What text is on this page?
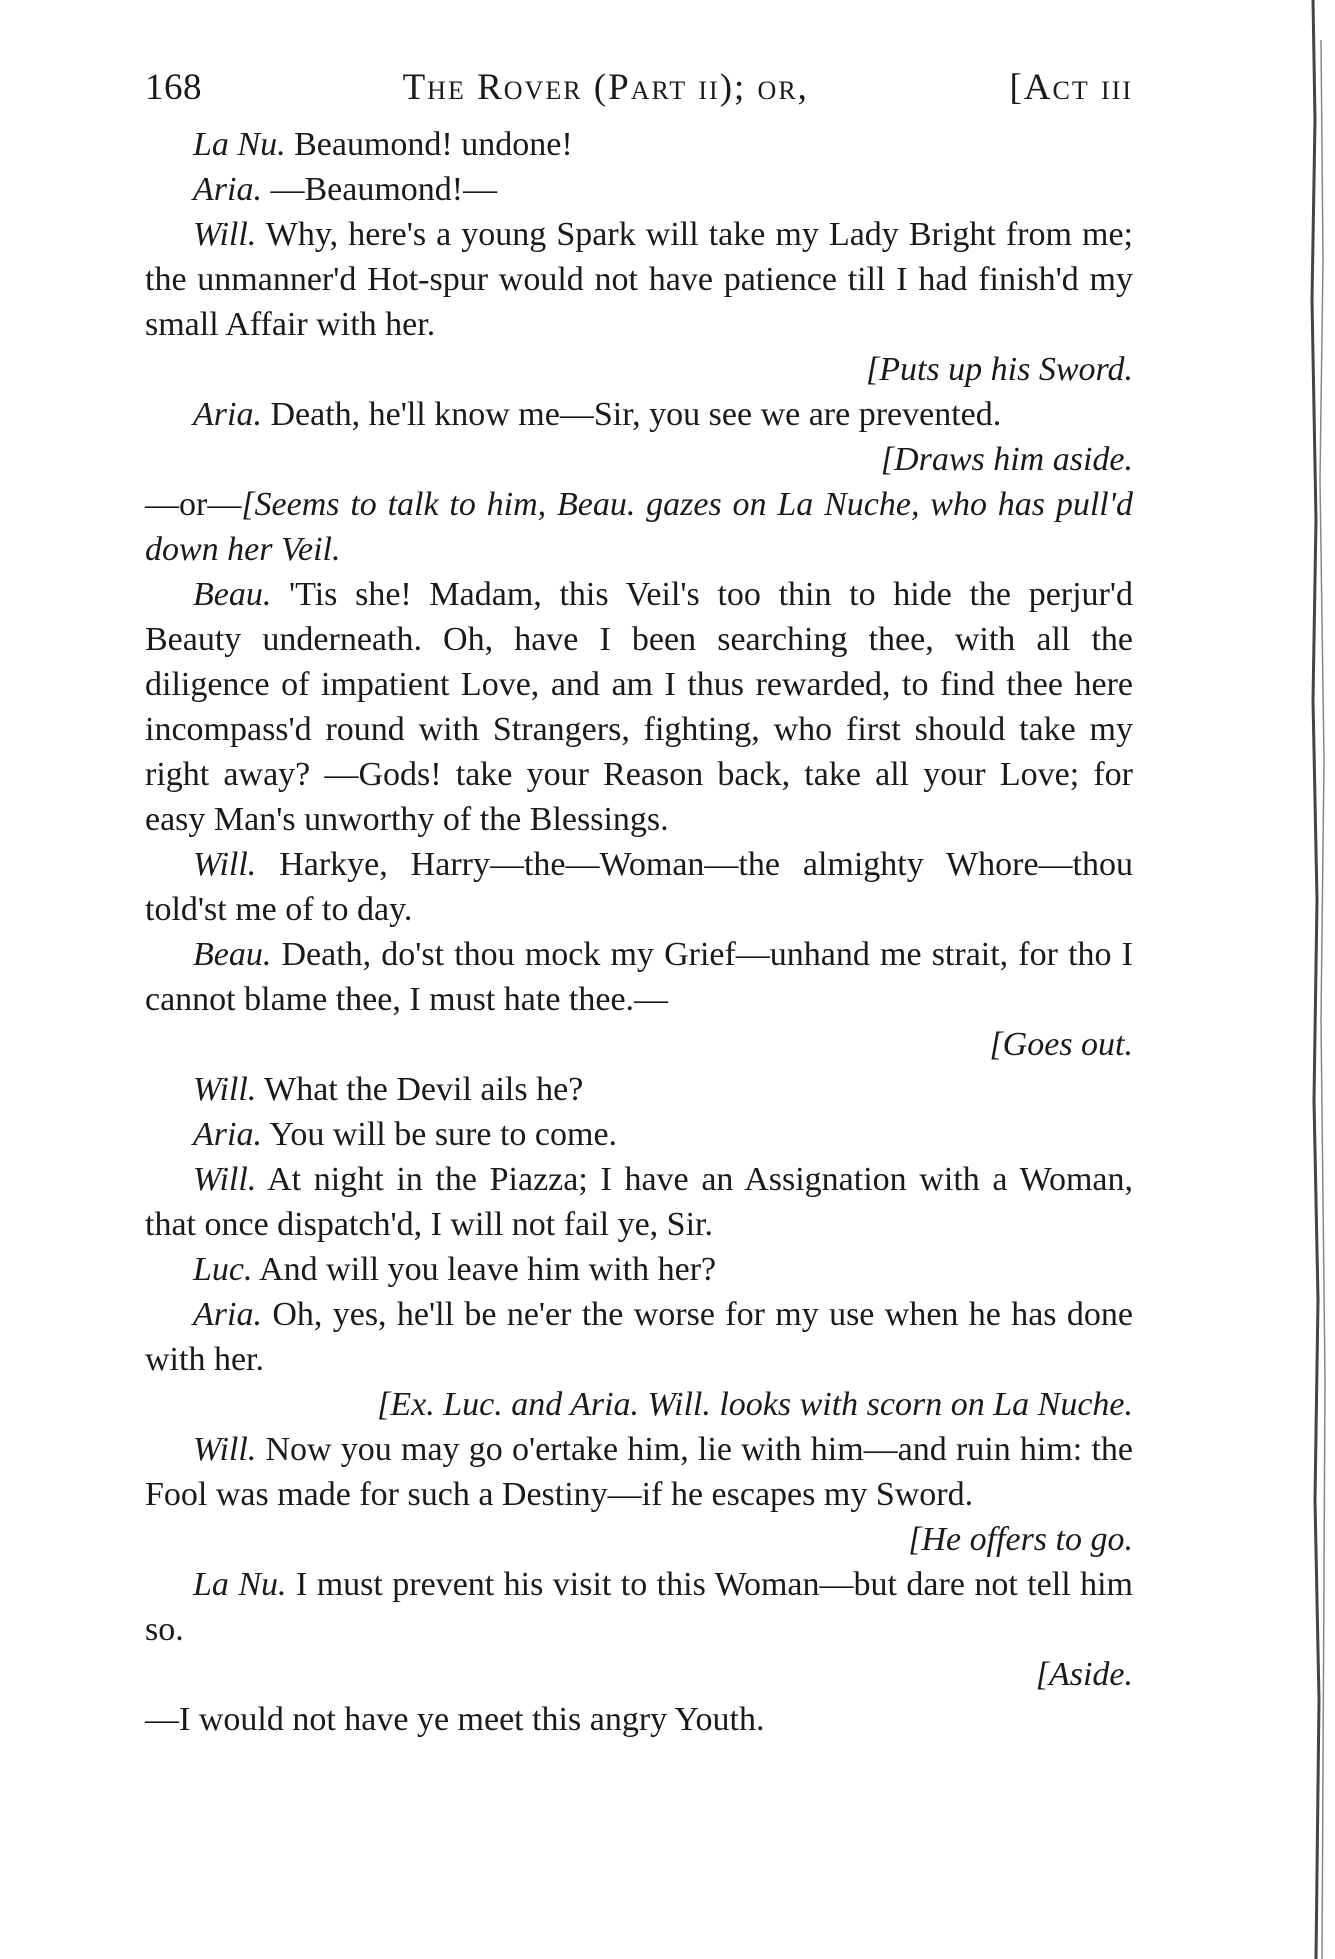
168	The Rover (Part ii); or,	[Act iii

La Nu. Beaumond! undone!

Aria. —Beaumond!—

Will. Why, here's a young Spark will take my Lady Bright from me; the unmanner'd Hot-spur would not have patience till I had finish'd my small Affair with her.

[Puts up his Sword.

Aria. Death, he'll know me—Sir, you see we are prevented.

[Draws him aside.

—or—[Seems to talk to him, Beau. gazes on La Nuche, who has pull'd down her Veil.

Beau. 'Tis she! Madam, this Veil's too thin to hide the perjur'd Beauty underneath. Oh, have I been searching thee, with all the diligence of impatient Love, and am I thus rewarded, to find thee here incompass'd round with Strangers, fighting, who first should take my right away? —Gods! take your Reason back, take all your Love; for easy Man's unworthy of the Blessings.

Will. Harkye, Harry—the—Woman—the almighty Whore—thou told'st me of to day.

Beau. Death, do'st thou mock my Grief—unhand me strait, for tho I cannot blame thee, I must hate thee.—

[Goes out.

Will. What the Devil ails he?

Aria. You will be sure to come.

Will. At night in the Piazza; I have an Assignation with a Woman, that once dispatch'd, I will not fail ye, Sir.

Luc. And will you leave him with her?

Aria. Oh, yes, he'll be ne'er the worse for my use when he has done with her.

[Ex. Luc. and Aria. Will. looks with scorn on La Nuche.

Will. Now you may go o'ertake him, lie with him—and ruin him: the Fool was made for such a Destiny—if he escapes my Sword.

[He offers to go.

La Nu. I must prevent his visit to this Woman—but dare not tell him so.

[Aside.

—I would not have ye meet this angry Youth.
